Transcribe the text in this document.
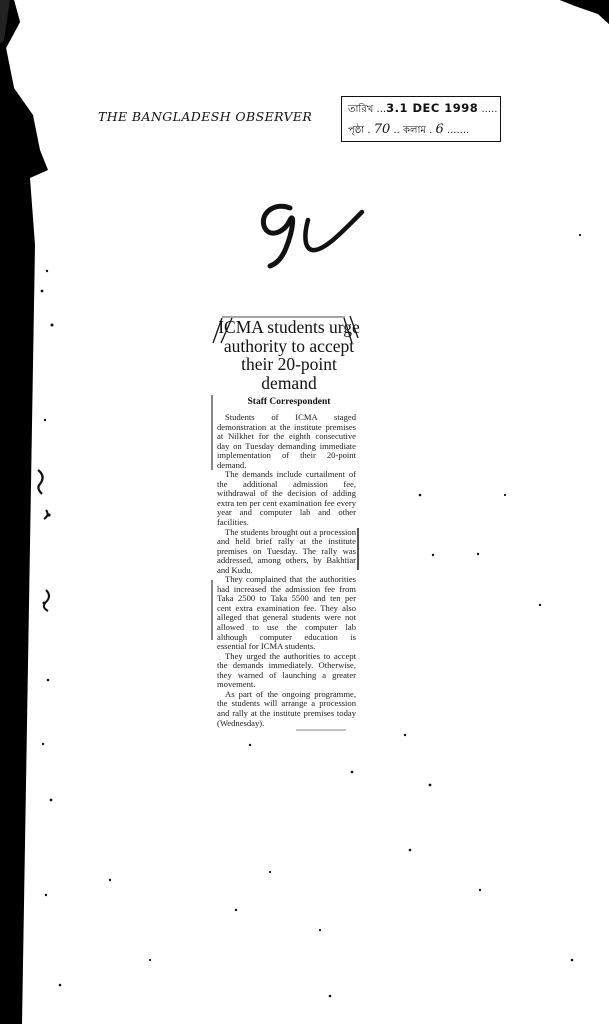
THE BANGLADESH OBSERVER	তারিখ ...3.1 DEC 1998 .....
পৃষ্ঠা . 70 .. কলাম . 6 .......
ICMA students urge authority to accept their 20-point demand
Staff Correspondent

Students of ICMA staged demonstration at the institute premises at Nilkhet for the eighth consecutive day on Tuesday demanding immediate implementation of their 20-point demand.

The demands include curtailment of the additional admission fee, withdrawal of the decision of adding extra ten per cent examination fee every year and computer lab and other facilities.

The students brought out a procession and held brief rally at the institute premises on Tuesday. The rally was addressed, among others, by Bakhtiar and Kudu.

They complained that the authorities had increased the admission fee from Taka 2500 to Taka 5500 and ten per cent extra examination fee. They also alleged that general students were not allowed to use the computer lab although computer education is essential for ICMA students.

They urged the authorities to accept the demands immediately. Otherwise, they warned of launching a greater movement.

As part of the ongoing programme, the students will arrange a procession and rally at the institute premises today (Wednesday).
